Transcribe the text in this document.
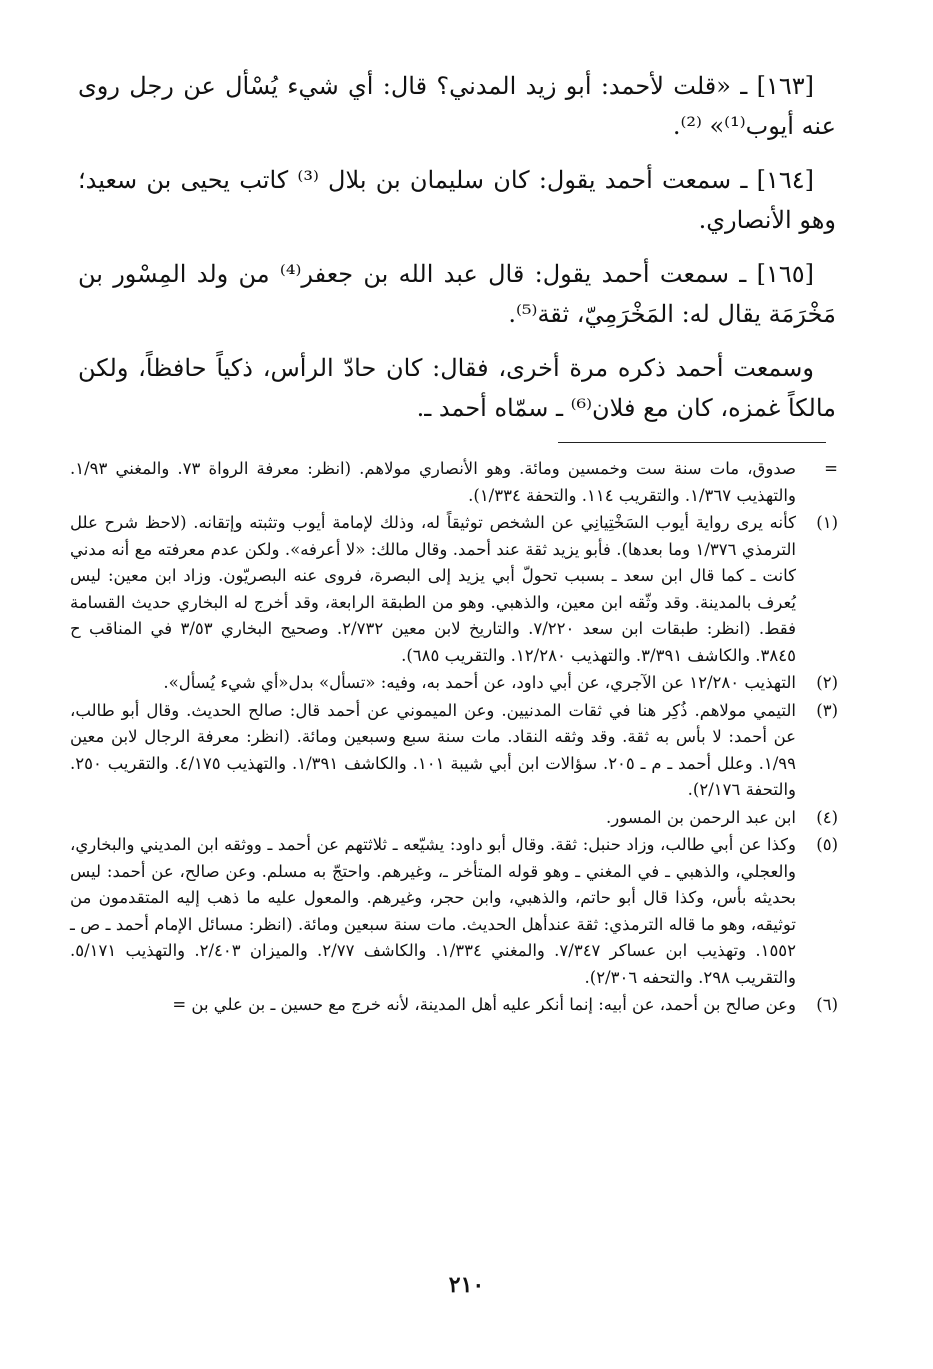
[١٦٣] ـ «قلت لأحمد: أبو زيد المدني؟ قال: أي شيء يُسْأل عن رجل روى عنه أيوب⁽¹⁾» ⁽²⁾.

[١٦٤] ـ سمعت أحمد يقول: كان سليمان بن بلال ⁽³⁾ كاتب يحيى بن سعيد؛ وهو الأنصاري.

[١٦٥] ـ سمعت أحمد يقول: قال عبد الله بن جعفر⁽⁴⁾ من ولد المِسْور بن مَخْرَمَة يقال له: المَخْرَمِيّ، ثقة⁽⁵⁾.

وسمعت أحمد ذكره مرة أخرى، فقال: كان حادّ الرأس، ذكياً حافظاً، ولكن مالكاً غمزه، كان مع فلان⁽⁶⁾ ـ سمّاه أحمد ـ.

=
صدوق، مات سنة ست وخمسين ومائة. وهو الأنصاري مولاهم. (انظر: معرفة الرواة ٧٣. والمغني ١/٩٣. والتهذيب ١/٣٦٧. والتقريب ١١٤. والتحفة ١/٣٣٤).
(١)
كأنه يرى رواية أيوب السَخْتِيانِي عن الشخص توثيقاً له، وذلك لإمامة أيوب وتثبته وإتقانه. (لاحظ شرح علل الترمذي ١/٣٧٦ وما بعدها). فأبو يزيد ثقة عند أحمد. وقال مالك: «لا أعرفه». ولكن عدم معرفته مع أنه مدني كانت ـ كما قال ابن سعد ـ بسبب تحولّ أبي يزيد إلى البصرة، فروى عنه البصريّون. وزاد ابن معين: ليس يُعرف بالمدينة. وقد وثّقه ابن معين، والذهبي. وهو من الطبقة الرابعة، وقد أخرج له البخاري حديث القسامة فقط. (انظر: طبقات ابن سعد ٧/٢٢٠. والتاريخ لابن معين ٢/٧٣٢. وصحيح البخاري ٣/٥٣ في المناقب ح ٣٨٤٥. والكاشف ٣/٣٩١. والتهذيب ١٢/٢٨٠. والتقريب ٦٨٥).
(٢)
التهذيب ١٢/٢٨٠ عن الآجري، عن أبي داود، عن أحمد به، وفيه: «تسأل» بدل«أي شيء يُسأل».
(٣)
التيمي مولاهم. ذُكِر هنا في ثقات المدنيين. وعن الميموني عن أحمد قال: صالح الحديث. وقال أبو طالب، عن أحمد: لا بأس به ثقة. وقد وثقه النقاد. مات سنة سبع وسبعين ومائة. (انظر: معرفة الرجال لابن معين ١/٩٩. وعلل أحمد ـ م ـ ٢٠٥. سؤالات ابن أبي شيبة ١٠١. والكاشف ١/٣٩١. والتهذيب ٤/١٧٥. والتقريب ٢٥٠. والتحفة ٢/١٧٦).
(٤)
ابن عبد الرحمن بن المسور.
(٥)
وكذا عن أبي طالب، وزاد حنبل: ثقة. وقال أبو داود: يشيّعه ـ ثلاثتهم عن أحمد ـ ووثقه ابن المديني والبخاري، والعجلي، والذهبي ـ في المغني ـ وهو قوله المتأخر ـ، وغيرهم. واحتجّ به مسلم. وعن صالح، عن أحمد: ليس بحديثه بأس، وكذا قال أبو حاتم، والذهبي، وابن حجر، وغيرهم. والمعول عليه ما ذهب إليه المتقدمون من توثيقه، وهو ما قاله الترمذي: ثقة عندأهل الحديث. مات سنة سبعين ومائة. (انظر: مسائل الإمام أحمد ـ ص ـ ١٥٥٢. وتهذيب ابن عساكر ٧/٣٤٧. والمغني ١/٣٣٤. والكاشف ٢/٧٧. والميزان ٢/٤٠٣. والتهذيب ٥/١٧١. والتقريب ٢٩٨. والتحفه ٢/٣٠٦).
(٦)
وعن صالح بن أحمد، عن أبيه: إنما أنكر عليه أهل المدينة، لأنه خرج مع حسين ـ بن علي بن =
٢١٠
